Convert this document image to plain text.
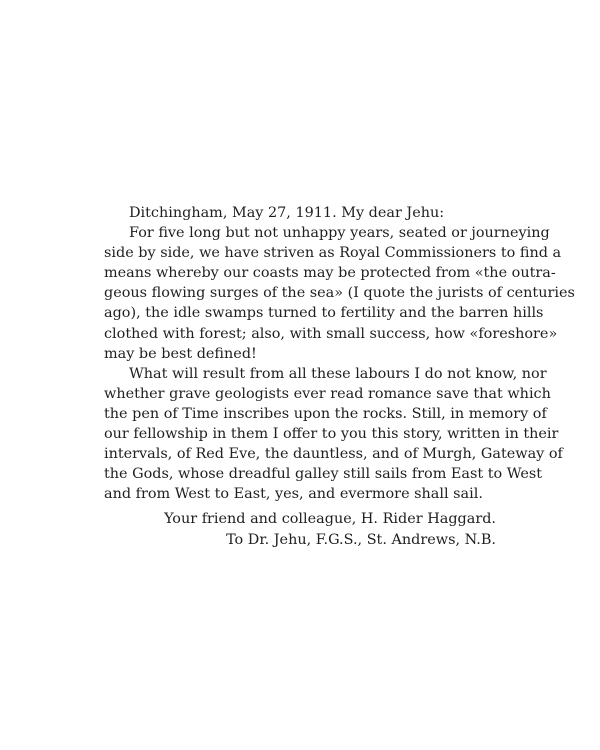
Ditchingham, May 27, 1911. My dear Jehu:
For five long but not unhappy years, seated or journeying
side by side, we have striven as Royal Commissioners to find a
means whereby our coasts may be protected from «the outra-
geous flowing surges of the sea» (I quote the jurists of centuries
ago), the idle swamps turned to fertility and the barren hills
clothed with forest; also, with small success, how «foreshore»
may be best defined!
What will result from all these labours I do not know, nor
whether grave geologists ever read romance save that which
the pen of Time inscribes upon the rocks. Still, in memory of
our fellowship in them I offer to you this story, written in their
intervals, of Red Eve, the dauntless, and of Murgh, Gateway of
the Gods, whose dreadful galley still sails from East to West
and from West to East, yes, and evermore shall sail.
Your friend and colleague, H. Rider Haggard.
To Dr. Jehu, F.G.S., St. Andrews, N.B.
